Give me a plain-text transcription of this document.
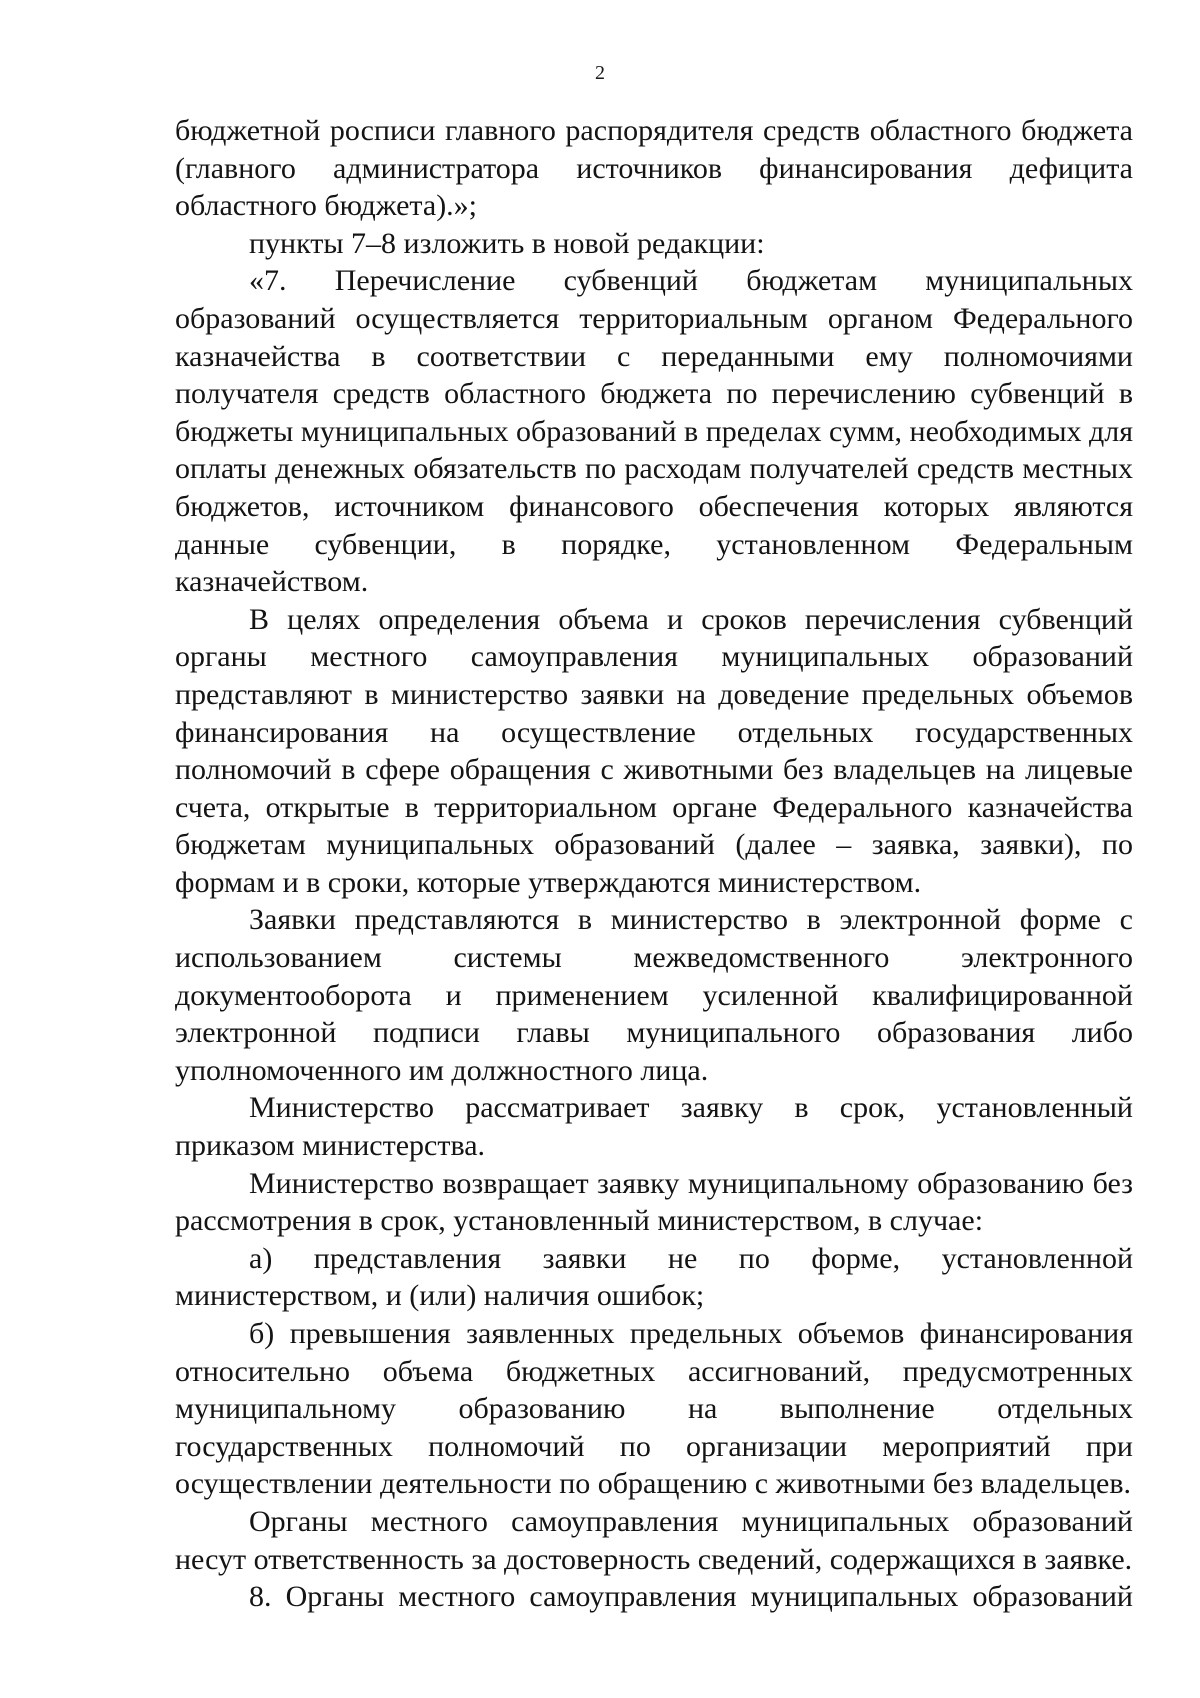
2

бюджетной росписи главного распорядителя средств областного бюджета (главного администратора источников финансирования дефицита областного бюджета).»;

пункты 7–8 изложить в новой редакции:

«7. Перечисление субвенций бюджетам муниципальных образований осуществляется территориальным органом Федерального казначейства в соответствии с переданными ему полномочиями получателя средств областного бюджета по перечислению субвенций в бюджеты муниципальных образований в пределах сумм, необходимых для оплаты денежных обязательств по расходам получателей средств местных бюджетов, источником финансового обеспечения которых являются данные субвенции, в порядке, установленном Федеральным казначейством.

В целях определения объема и сроков перечисления субвенций органы местного самоуправления муниципальных образований представляют в министерство заявки на доведение предельных объемов финансирования на осуществление отдельных государственных полномочий в сфере обращения с животными без владельцев на лицевые счета, открытые в территориальном органе Федерального казначейства бюджетам муниципальных образований (далее – заявка, заявки), по формам и в сроки, которые утверждаются министерством.

Заявки представляются в министерство в электронной форме с использованием системы межведомственного электронного документооборота и применением усиленной квалифицированной электронной подписи главы муниципального образования либо уполномоченного им должностного лица.

Министерство рассматривает заявку в срок, установленный приказом министерства.

Министерство возвращает заявку муниципальному образованию без рассмотрения в срок, установленный министерством, в случае:

а) представления заявки не по форме, установленной министерством, и (или) наличия ошибок;

б) превышения заявленных предельных объемов финансирования относительно объема бюджетных ассигнований, предусмотренных муниципальному образованию на выполнение отдельных государственных полномочий по организации мероприятий при осуществлении деятельности по обращению с животными без владельцев.

Органы местного самоуправления муниципальных образований несут ответственность за достоверность сведений, содержащихся в заявке.

8. Органы местного самоуправления муниципальных образований
